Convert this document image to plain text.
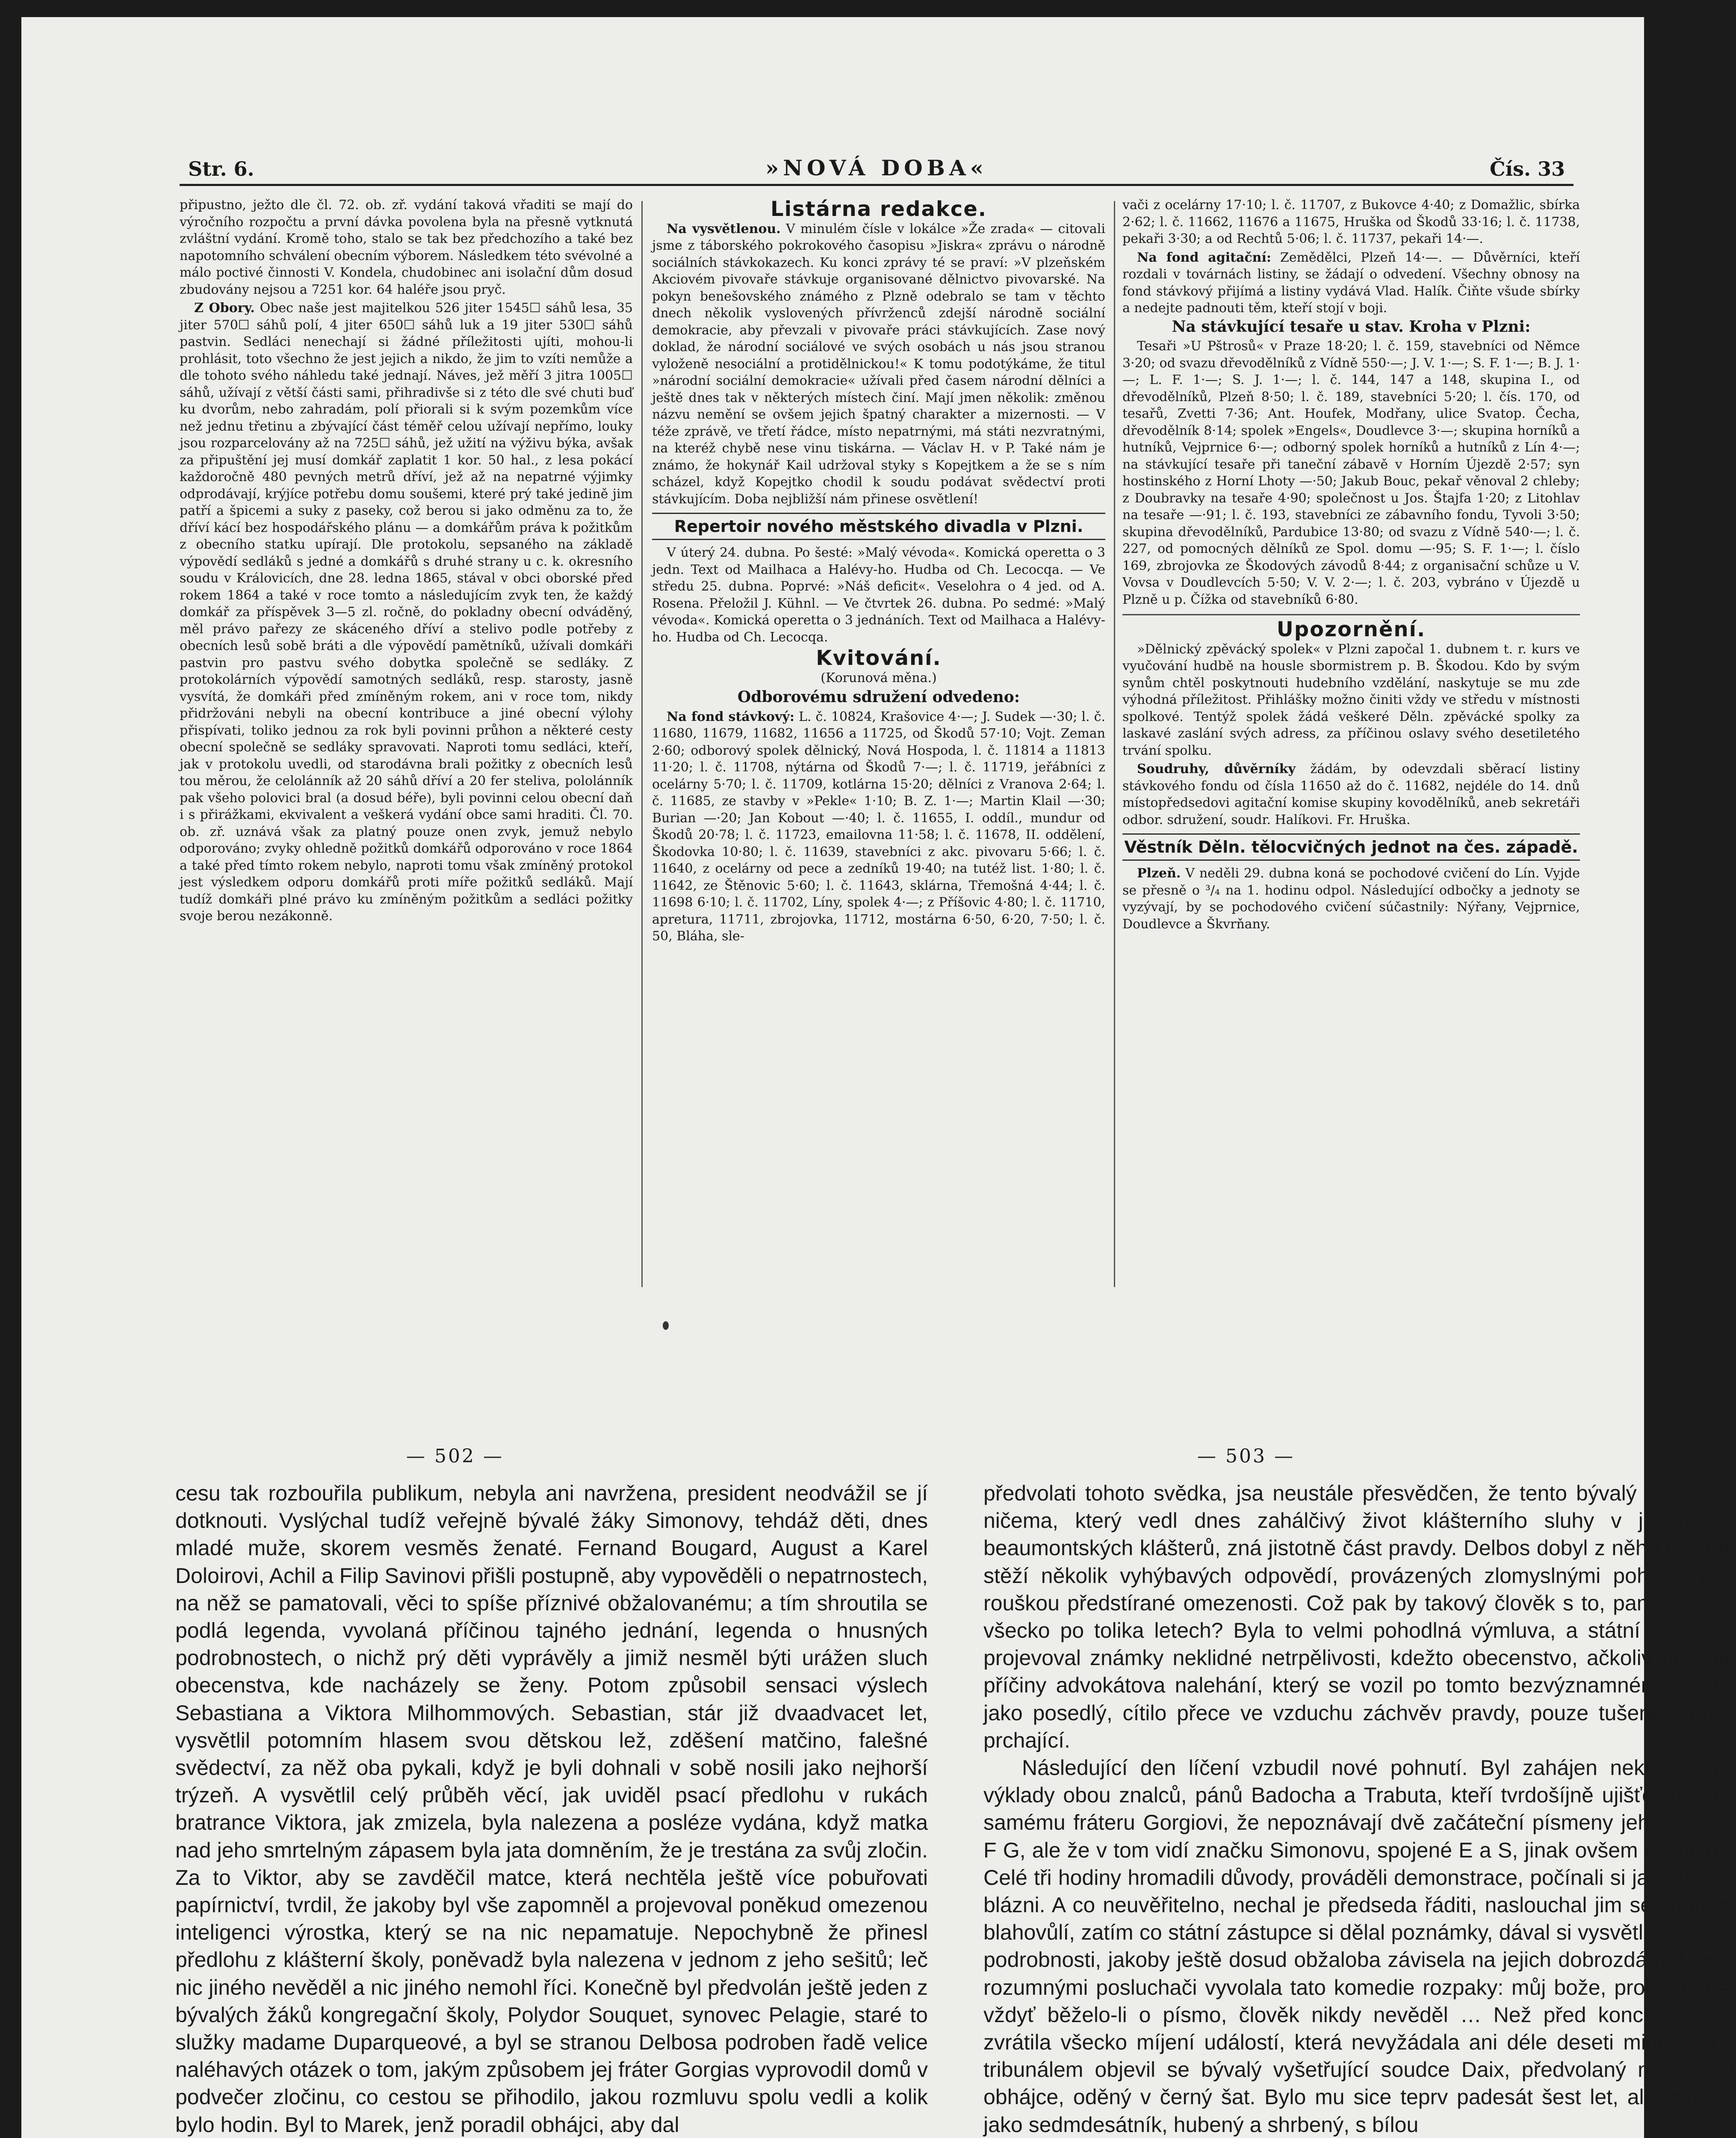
Str. 6.	»NOVÁ DOBA«	Čís. 33

připustno, ježto dle čl. 72. ob. zř. vydání taková vřaditi se mají do výročního rozpočtu a první dávka povolena byla na přesně vytknutá zvláštní vydání. Kromě toho, stalo se tak bez předchozího a také bez napotomního schválení obecním výborem. Následkem této svévolné a málo poctivé činnosti V. Kondela, chudobinec ani isolační dům dosud zbudovány nejsou a 7251 kor. 64 haléře jsou pryč.

Z Obory. Obec naše jest majitelkou 526 jiter 1545☐ sáhů lesa, 35 jiter 570☐ sáhů polí, 4 jiter 650☐ sáhů luk a 19 jiter 530☐ sáhů pastvin. Sedláci nenechají si žádné příležitosti ujíti, mohou-li prohlásit, toto všechno že jest jejich a nikdo, že jim to vzíti nemůže a dle tohoto svého náhledu také jednají. Náves, jež měří 3 jitra 1005☐ sáhů, užívají z větší části sami, přihradivše si z této dle své chuti buď ku dvorům, nebo zahradám, polí přiorali si k svým pozemkům více než jednu třetinu a zbývající část téměř celou užívají nepřímo, louky jsou rozparcelovány až na 725☐ sáhů, jež užití na výživu býka, avšak za připuštění jej musí domkář zaplatit 1 kor. 50 hal., z lesa pokácí každoročně 480 pevných metrů dříví, jež až na nepatrné výjimky odprodávají, krýjíce potřebu domu soušemi, které prý také jedině jim patří a špicemi a suky z paseky, což berou si jako odměnu za to, že dříví kácí bez hospodářského plánu — a domkářům práva k požitkům z obecního statku upírají. Dle protokolu, sepsaného na základě výpovědí sedláků s jedné a domkářů s druhé strany u c. k. okresního soudu v Královicích, dne 28. ledna 1865, stával v obci oborské před rokem 1864 a také v roce tomto a následujícím zvyk ten, že každý domkář za příspěvek 3—5 zl. ročně, do pokladny obecní odváděný, měl právo pařezy ze skáceného dříví a stelivo podle potřeby z obecních lesů sobě bráti a dle výpovědí pamětníků, užívali domkáři pastvin pro pastvu svého dobytka společně se sedláky. Z protokolárních výpovědí samotných sedláků, resp. starosty, jasně vysvítá, že domkáři před zmíněným rokem, ani v roce tom, nikdy přidržováni nebyli na obecní kontribuce a jiné obecní výlohy přispívati, toliko jednou za rok byli povinni průhon a některé cesty obecní společně se sedláky spravovati. Naproti tomu sedláci, kteří, jak v protokolu uvedli, od starodávna brali požitky z obecních lesů tou měrou, že celolánník až 20 sáhů dříví a 20 fer steliva, pololánník pak všeho polovici bral (a dosud béře), byli povinni celou obecní daň i s přirážkami, ekvivalent a veškerá vydání obce sami hraditi. Čl. 70. ob. zř. uznává však za platný pouze onen zvyk, jemuž nebylo odporováno; zvyky ohledně požitků domkářů odporováno v roce 1864 a také před tímto rokem nebylo, naproti tomu však zmíněný protokol jest výsledkem odporu domkářů proti míře požitků sedláků. Mají tudíž domkáři plné právo ku zmíněným požitkům a sedláci požitky svoje berou nezákonně.

Listárna redakce.

Na vysvětlenou. V minulém čísle v lokálce »Že zrada« — citovali jsme z táborského pokrokového časopisu »Jiskra« zprávu o národně sociálních stávkokazech. Ku konci zprávy té se praví: »V plzeňském Akciovém pivovaře stávkuje organisované dělnictvo pivovarské. Na pokyn benešovského známého z Plzně odebralo se tam v těchto dnech několik vyslovených přívrženců zdejší národně sociální demokracie, aby převzali v pivovaře práci stávkujících. Zase nový doklad, že národní sociálové ve svých osobách u nás jsou stranou vyloženě nesociální a protidělnickou!« K tomu podotýkáme, že titul »národní sociální demokracie« užívali před časem národní dělníci a ještě dnes tak v některých místech činí. Mají jmen několik: změnou názvu nemění se ovšem jejich špatný charakter a mizernosti. — V téže zprávě, ve třetí řádce, místo nepatrnými, má státi nezvratnými, na kteréž chybě nese vinu tiskárna. — Václav H. v P. Také nám je známo, že hokynář Kail udržoval styky s Kopejtkem a že se s ním scházel, když Kopejtko chodil k soudu podávat svědectví proti stávkujícím. Doba nejbližší nám přinese osvětlení!

Repertoir nového městského divadla v Plzni.

V úterý 24. dubna. Po šesté: »Malý vévoda«. Komická operetta o 3 jedn. Text od Mailhaca a Halévy-ho. Hudba od Ch. Lecocqa. — Ve středu 25. dubna. Poprvé: »Náš deficit«. Veselohra o 4 jed. od A. Rosena. Přeložil J. Kühnl. — Ve čtvrtek 26. dubna. Po sedmé: »Malý vévoda«. Komická operetta o 3 jednáních. Text od Mailhaca a Halévy-ho. Hudba od Ch. Lecocqa.

Kvitování.
(Korunová měna.)
Odborovému sdružení odvedeno:

Na fond stávkový: L. č. 10824, Krašovice 4·—; J. Sudek —·30; l. č. 11680, 11679, 11682, 11656 a 11725, od Škodů 57·10; Vojt. Zeman 2·60; odborový spolek dělnický, Nová Hospoda, l. č. 11814 a 11813 11·20; l. č. 11708, nýtárna od Škodů 7·—; l. č. 11719, jeřábníci z ocelárny 5·70; l. č. 11709, kotlárna 15·20; dělníci z Vranova 2·64; l. č. 11685, ze stavby v »Pekle« 1·10; B. Z. 1·—; Martin Klail —·30; Burian —·20; Jan Kobout —·40; l. č. 11655, I. oddíl., mundur od Škodů 20·78; l. č. 11723, emailovna 11·58; l. č. 11678, II. oddělení, Škodovka 10·80; l. č. 11639, stavebníci z akc. pivovaru 5·66; l. č. 11640, z ocelárny od pece a zedníků 19·40; na tutéž list. 1·80; l. č. 11642, ze Štěnovic 5·60; l. č. 11643, sklárna, Třemošná 4·44; l. č. 11698 6·10; l. č. 11702, Líny, spolek 4·—; z Příšovic 4·80; l. č. 11710, apretura, 11711, zbrojovka, 11712, mostárna 6·50, 6·20, 7·50; l. č. 50, Bláha, sle-

vači z ocelárny 17·10; l. č. 11707, z Bukovce 4·40; z Domažlic, sbírka 2·62; l. č. 11662, 11676 a 11675, Hruška od Škodů 33·16; l. č. 11738, pekaři 3·30; a od Rechtů 5·06; l. č. 11737, pekaři 14·—.

Na fond agitační: Zemědělci, Plzeň 14·—. — Důvěrníci, kteří rozdali v továrnách listiny, se žádají o odvedení. Všechny obnosy na fond stávkový přijímá a listiny vydává Vlad. Halík. Čiňte všude sbírky a nedejte padnouti těm, kteří stojí v boji.

Na stávkující tesaře u stav. Kroha v Plzni:

Tesaři »U Pštrosů« v Praze 18·20; l. č. 159, stavebníci od Němce 3·20; od svazu dřevodělníků z Vídně 550·—; J. V. 1·—; S. F. 1·—; B. J. 1·—; L. F. 1·—; S. J. 1·—; l. č. 144, 147 a 148, skupina I., od dřevodělníků, Plzeň 8·50; l. č. 189, stavebníci 5·20; l. čís. 170, od tesařů, Zvetti 7·36; Ant. Houfek, Modřany, ulice Svatop. Čecha, dřevodělník 8·14; spolek »Engels«, Doudlevce 3·—; skupina horníků a hutníků, Vejprnice 6·—; odborný spolek horníků a hutníků z Lín 4·—; na stávkující tesaře při taneční zábavě v Horním Újezdě 2·57; syn hostinského z Horní Lhoty —·50; Jakub Bouc, pekař věnoval 2 chleby; z Doubravky na tesaře 4·90; společnost u Jos. Štajfa 1·20; z Litohlav na tesaře —·91; l. č. 193, stavebníci ze zábavního fondu, Tyvoli 3·50; skupina dřevodělníků, Pardubice 13·80; od svazu z Vídně 540·—; l. č. 227, od pomocných dělníků ze Spol. domu —·95; S. F. 1·—; l. číslo 169, zbrojovka ze Škodových závodů 8·44; z organisační schůze u V. Vovsa v Doudlevcích 5·50; V. V. 2·—; l. č. 203, vybráno v Újezdě u Plzně u p. Čížka od stavebníků 6·80.

Upozornění.

»Dělnický zpěvácký spolek« v Plzni započal 1. dubnem t. r. kurs ve vyučování hudbě na housle sbormistrem p. B. Škodou. Kdo by svým synům chtěl poskytnouti hudebního vzdělání, naskytuje se mu zde výhodná příležitost. Přihlášky možno činiti vždy ve středu v místnosti spolkové. Tentýž spolek žádá veškeré Děln. zpěvácké spolky za laskavé zaslání svých adress, za příčinou oslavy svého desetiletého trvání spolku.

Soudruhy, důvěrníky žádám, by odevzdali sběrací listiny stávkového fondu od čísla 11650 až do č. 11682, nejdéle do 14. dnů místopředsedovi agitační komise skupiny kovodělníků, aneb sekretáři odbor. sdružení, soudr. Halíkovi. Fr. Hruška.

Věstník Děln. tělocvičných jednot na čes. západě.

Plzeň. V neděli 29. dubna koná se pochodové cvičení do Lín. Vyjde se přesně o ³/₄ na 1. hodinu odpol. Následující odbočky a jednoty se vyzývají, by se pochodového cvičení súčastnily: Nýřany, Vejprnice, Doudlevce a Škvrňany.

— 502 —	— 503 —

cesu tak rozbouřila publikum, nebyla ani navržena, president neodvážil se jí dotknouti. Vyslýchal tudíž veřejně bývalé žáky Simonovy, tehdáž děti, dnes mladé muže, skorem vesměs ženaté. Fernand Bougard, August a Karel Doloirovi, Achil a Filip Savinovi přišli postupně, aby vypověděli o nepatrnostech, na něž se pamatovali, věci to spíše příznivé obžalovanému; a tím shroutila se podlá legenda, vyvolaná příčinou tajného jednání, legenda o hnusných podrobnostech, o nichž prý děti vyprávěly a jimiž nesměl býti urážen sluch obecenstva, kde nacházely se ženy. Potom způsobil sensaci výslech Sebastiana a Viktora Milhommových. Sebastian, stár již dvaadvacet let, vysvětlil potomním hlasem svou dětskou lež, zděšení matčino, falešné svědectví, za něž oba pykali, když je byli dohnali v sobě nosili jako nejhorší trýzeň. A vysvětlil celý průběh věcí, jak uviděl psací předlohu v rukách bratrance Viktora, jak zmizela, byla nalezena a posléze vydána, když matka nad jeho smrtelným zápasem byla jata domněním, že je trestána za svůj zločin. Za to Viktor, aby se zavděčil matce, která nechtěla ještě více pobuřovati papírnictví, tvrdil, že jakoby byl vše zapomněl a projevoval poněkud omezenou inteligenci výrostka, který se na nic nepamatuje. Nepochybně že přinesl předlohu z klášterní školy, poněvadž byla nalezena v jednom z jeho sešitů; leč nic jiného nevěděl a nic jiného nemohl říci. Konečně byl předvolán ještě jeden z bývalých žáků kongregační školy, Polydor Souquet, synovec Pelagie, staré to služky madame Duparqueové, a byl se stranou Delbosa podroben řadě velice naléhavých otázek o tom, jakým způsobem jej fráter Gorgias vyprovodil domů v podvečer zločinu, co cestou se přihodilo, jakou rozmluvu spolu vedli a kolik bylo hodin. Byl to Marek, jenž poradil obhájci, aby dal

předvolati tohoto svědka, jsa neustále přesvědčen, že tento bývalý potměšilý ničema, který vedl dnes zahálčivý život klášterního sluhy v jednom z beaumontských klášterů, zná jistotně část pravdy. Delbos dobyl z něho ostatně stěží několik vyhýbavých odpovědí, provázených zlomyslnými pohledy pod rouškou předstírané omezenosti. Což pak by takový člověk s to, pamatovat si všecko po tolika letech? Byla to velmi pohodlná výmluva, a státní zástupce projevoval známky neklidné netrpělivosti, kdežto obecenstvo, ačkoliv neznalo příčiny advokátova nalehání, který se vozil po tomto bezvýznamném svědku jako posedlý, cítilo přece ve vzduchu záchvěv pravdy, pouze tušené, znova prchající.

Následující den líčení vzbudil nové pohnutí. Byl zahájen nekonečnými výklady obou znalců, pánů Badocha a Trabuta, kteří tvrdošíjně ujišťovali proti samému fráteru Gorgiovi, že nepoznávají dvě začáteční písmeny jeho značky F G, ale že v tom vidí značku Simonovu, spojené E a S, jinak ovšem nečitelné. Celé tři hodiny hromadili důvody, prováděli demonstrace, počínali si jako hotoví blázni. A co neuvěřitelno, nechal je předseda řáditi, naslouchal jim se zřejmou blahovůlí, zatím co státní zástupce si dělal poznámky, dával si vysvětliti některé podrobnosti, jakoby ještě dosud obžaloba závisela na jejich dobrozdání. I mezi rozumnými posluchači vyvolala tato komedie rozpaky: můj bože, proč pak ne, vždyť běželo-li o písmo, člověk nikdy nevěděl … Než před koncem líčení zvrátila všecko míjení událostí, která nevyžádala ani déle deseti minut. Před tribunálem objevil se bývalý vyšetřující soudce Daix, předvolaný na žádost obhájce, oděný v černý šat. Bylo mu sice teprv padesát šest let, ale vyhlížel jako sedmdesátník, hubený a shrbený, s bílou
